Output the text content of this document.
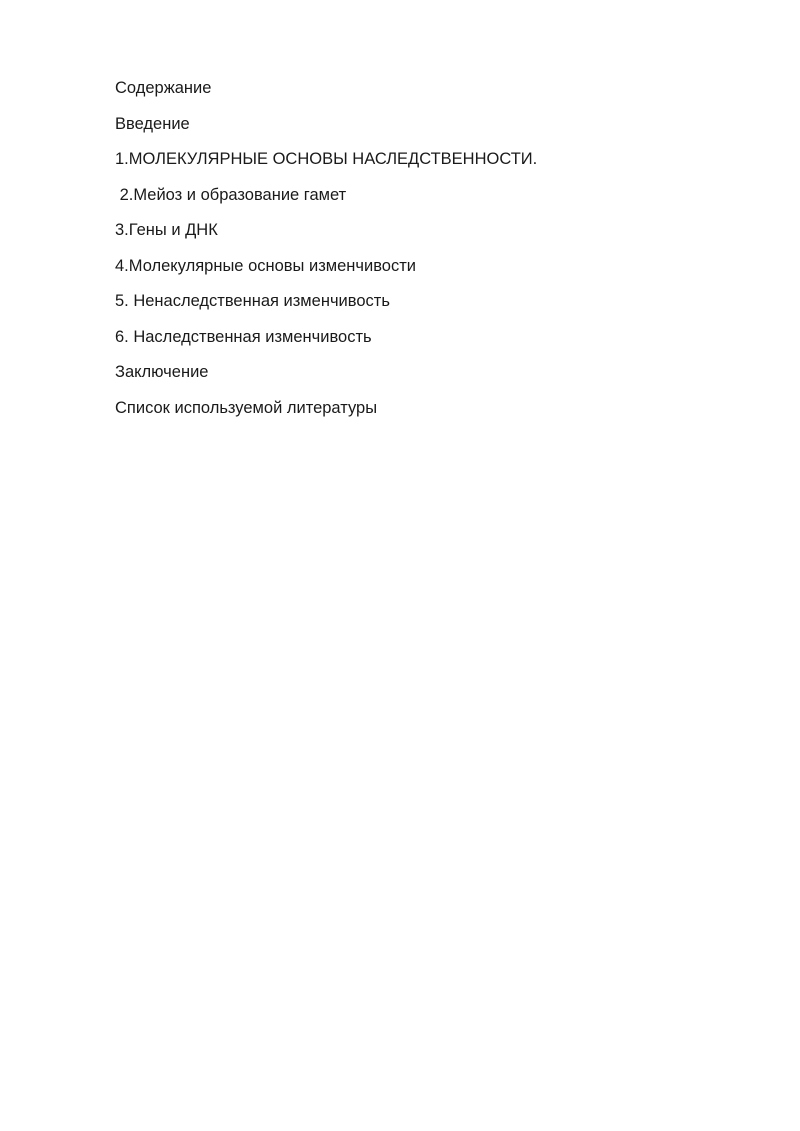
Содержание
Введение
1.МОЛЕКУЛЯРНЫЕ ОСНОВЫ НАСЛЕДСТВЕННОСТИ.
2.Мейоз и образование гамет
3.Гены и ДНК
4.Молекулярные основы изменчивости
5. Ненаследственная изменчивость
6. Наследственная изменчивость
Заключение
Список используемой литературы
